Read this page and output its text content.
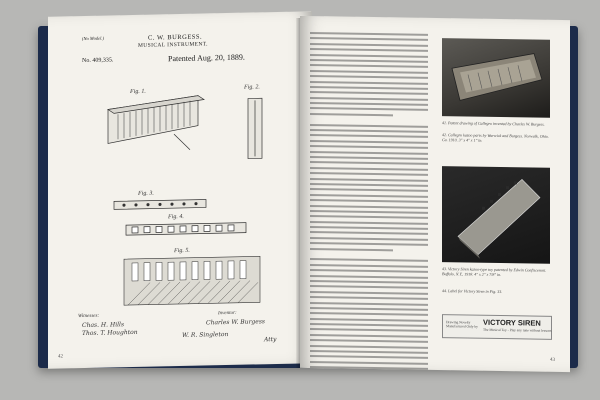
(No Model.)	C. W. BURGESS.
MUSICAL INSTRUMENT.
No. 409,335.	Patented Aug. 20, 1889.
Fig. 1.
Fig. 2.
Fig. 3.
Fig. 4.
Fig. 5.
Witnesses:
Chas. H. Hills
Thos. T. Houghton
Inventor:
Charles W. Burgess
W. R. Singleton
Atty
42
41. Patent drawing of Callegro invented by Charles W. Burgess.
42. Callegro kazoo parts by Warwick and Burgess. Norwalk, Ohio. Ca. 1910. 3" x 4" x 1" in.
43. Victory Siren kazoo-type toy patented by Edwin Confisceroni. Buffalo, N.Y., 1918. 4" x 2" x 7/8" in.
44. Label for Victory Siren in Fig. 33.
Drawing Novelty Manufactured Only by VICTORY SIREN
The Musical Toy - Play any tune without lessons
43
